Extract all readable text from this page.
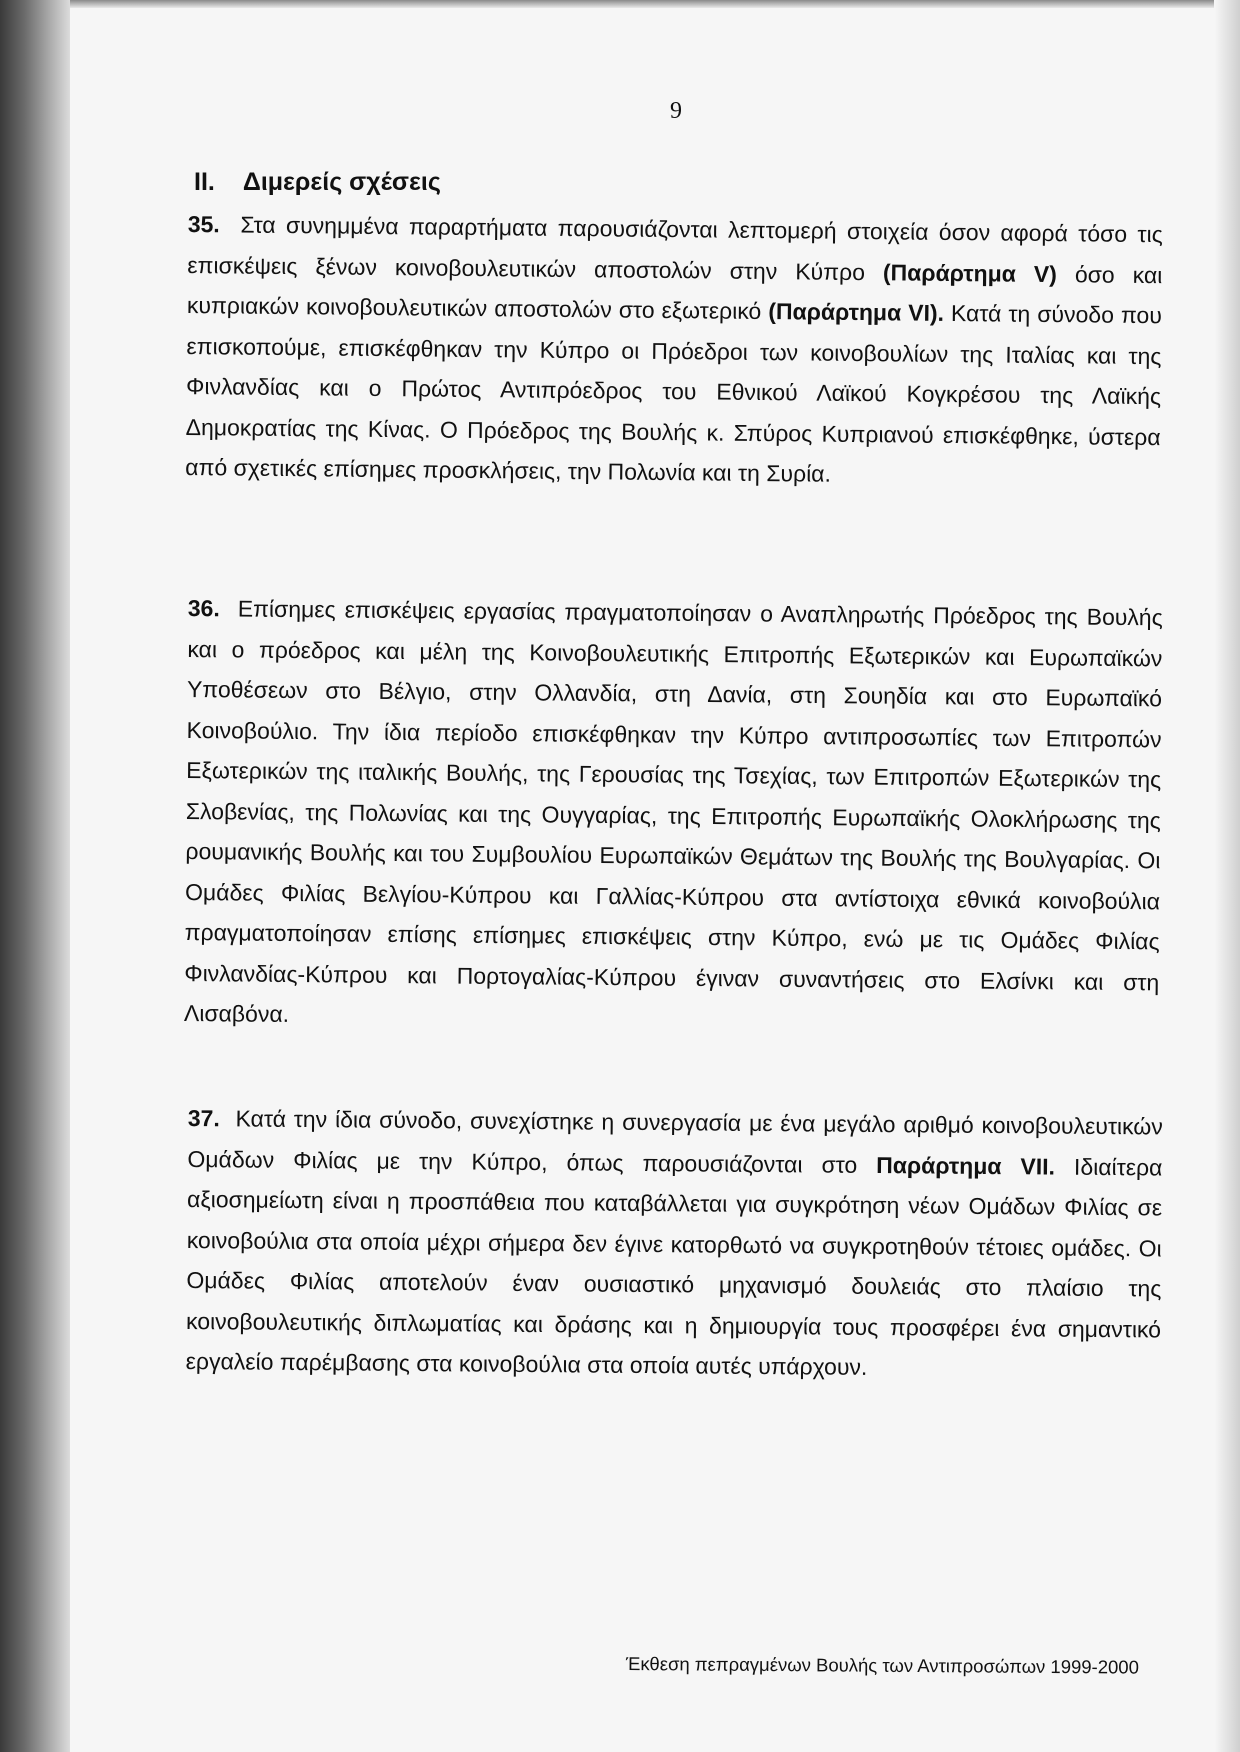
9
II. Διμερείς σχέσεις
35. Στα συνημμένα παραρτήματα παρουσιάζονται λεπτομερή στοιχεία όσον αφορά τόσο τις επισκέψεις ξένων κοινοβουλευτικών αποστολών στην Κύπρο (Παράρτημα V) όσο και κυπριακών κοινοβουλευτικών αποστολών στο εξωτερικό (Παράρτημα VI). Κατά τη σύνοδο που επισκοπούμε, επισκέφθηκαν την Κύπρο οι Πρόεδροι των κοινοβουλίων της Ιταλίας και της Φινλανδίας και ο Πρώτος Αντιπρόεδρος του Εθνικού Λαϊκού Κογκρέσου της Λαϊκής Δημοκρατίας της Κίνας. Ο Πρόεδρος της Βουλής κ. Σπύρος Κυπριανού επισκέφθηκε, ύστερα από σχετικές επίσημες προσκλήσεις, την Πολωνία και τη Συρία.
36. Επίσημες επισκέψεις εργασίας πραγματοποίησαν ο Αναπληρωτής Πρόεδρος της Βουλής και ο πρόεδρος και μέλη της Κοινοβουλευτικής Επιτροπής Εξωτερικών και Ευρωπαϊκών Υποθέσεων στο Βέλγιο, στην Ολλανδία, στη Δανία, στη Σουηδία και στο Ευρωπαϊκό Κοινοβούλιο. Την ίδια περίοδο επισκέφθηκαν την Κύπρο αντιπροσωπίες των Επιτροπών Εξωτερικών της ιταλικής Βουλής, της Γερουσίας της Τσεχίας, των Επιτροπών Εξωτερικών της Σλοβενίας, της Πολωνίας και της Ουγγαρίας, της Επιτροπής Ευρωπαϊκής Ολοκλήρωσης της ρουμανικής Βουλής και του Συμβουλίου Ευρωπαϊκών Θεμάτων της Βουλής της Βουλγαρίας. Οι Ομάδες Φιλίας Βελγίου-Κύπρου και Γαλλίας-Κύπρου στα αντίστοιχα εθνικά κοινοβούλια πραγματοποίησαν επίσης επίσημες επισκέψεις στην Κύπρο, ενώ με τις Ομάδες Φιλίας Φινλανδίας-Κύπρου και Πορτογαλίας-Κύπρου έγιναν συναντήσεις στο Ελσίνκι και στη Λισαβόνα.
37. Κατά την ίδια σύνοδο, συνεχίστηκε η συνεργασία με ένα μεγάλο αριθμό κοινοβουλευτικών Ομάδων Φιλίας με την Κύπρο, όπως παρουσιάζονται στο Παράρτημα VII. Ιδιαίτερα αξιοσημείωτη είναι η προσπάθεια που καταβάλλεται για συγκρότηση νέων Ομάδων Φιλίας σε κοινοβούλια στα οποία μέχρι σήμερα δεν έγινε κατορθωτό να συγκροτηθούν τέτοιες ομάδες. Οι Ομάδες Φιλίας αποτελούν έναν ουσιαστικό μηχανισμό δουλειάς στο πλαίσιο της κοινοβουλευτικής διπλωματίας και δράσης και η δημιουργία τους προσφέρει ένα σημαντικό εργαλείο παρέμβασης στα κοινοβούλια στα οποία αυτές υπάρχουν.
Έκθεση πεπραγμένων Βουλής των Αντιπροσώπων 1999-2000
